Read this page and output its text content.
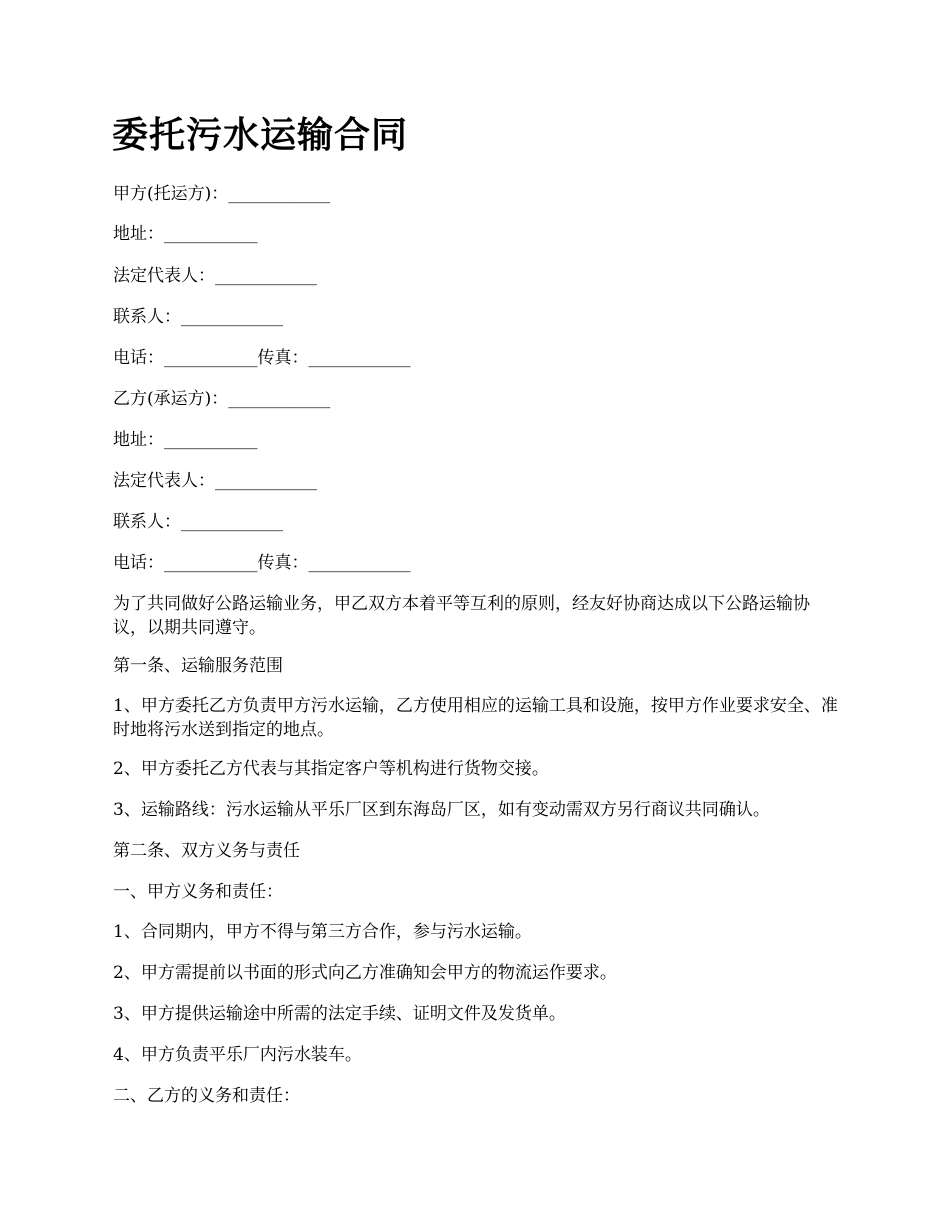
委托污水运输合同

甲方(托运方)：____________

地址：___________

法定代表人：____________

联系人：____________

电话：___________传真：____________

乙方(承运方)：____________

地址：___________

法定代表人：____________

联系人：____________

电话：___________传真：____________

为了共同做好公路运输业务，甲乙双方本着平等互利的原则，经友好协商达成以下公路运输协议，以期共同遵守。

第一条、运输服务范围

1、甲方委托乙方负责甲方污水运输，乙方使用相应的运输工具和设施，按甲方作业要求安全、准时地将污水送到指定的地点。

2、甲方委托乙方代表与其指定客户等机构进行货物交接。

3、运输路线：污水运输从平乐厂区到东海岛厂区，如有变动需双方另行商议共同确认。

第二条、双方义务与责任

一、甲方义务和责任：

1、合同期内，甲方不得与第三方合作，参与污水运输。

2、甲方需提前以书面的形式向乙方准确知会甲方的物流运作要求。

3、甲方提供运输途中所需的法定手续、证明文件及发货单。

4、甲方负责平乐厂内污水装车。

二、乙方的义务和责任：
